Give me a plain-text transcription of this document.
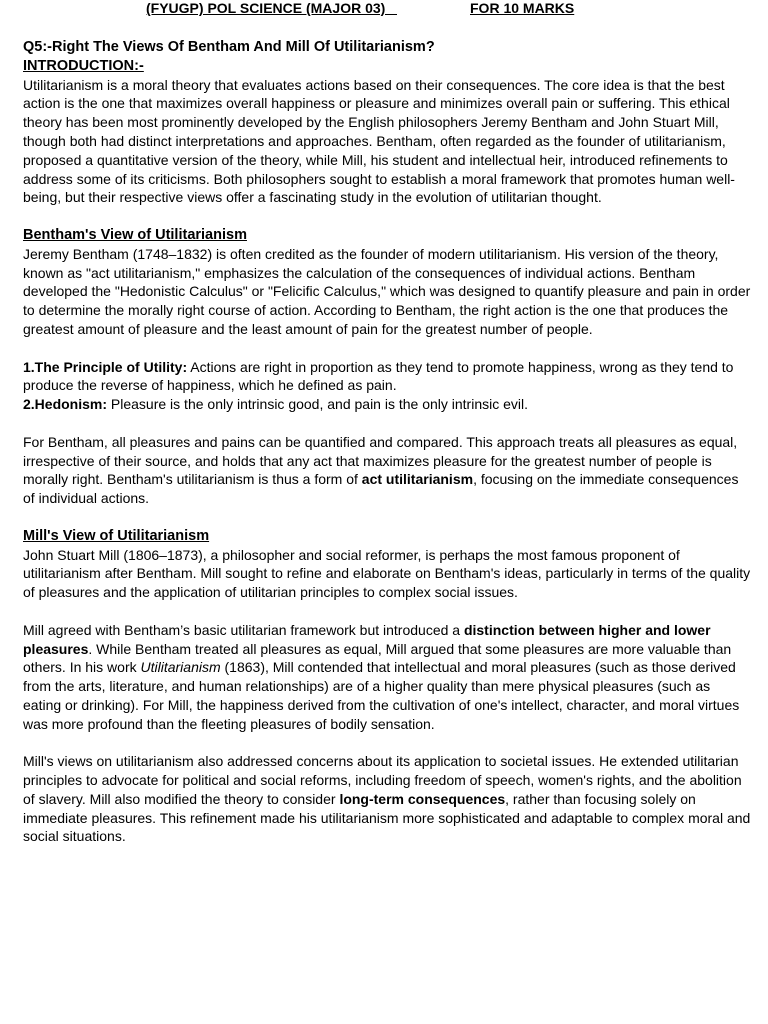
(FYUGP) POL SCIENCE (MAJOR 03)	FOR 10 MARKS

Q5:-Right The Views Of Bentham And Mill Of Utilitarianism?

INTRODUCTION:-

Utilitarianism is a moral theory that evaluates actions based on their consequences. The core idea is that the best action is the one that maximizes overall happiness or pleasure and minimizes overall pain or suffering. This ethical theory has been most prominently developed by the English philosophers Jeremy Bentham and John Stuart Mill, though both had distinct interpretations and approaches. Bentham, often regarded as the founder of utilitarianism, proposed a quantitative version of the theory, while Mill, his student and intellectual heir, introduced refinements to address some of its criticisms. Both philosophers sought to establish a moral framework that promotes human well-being, but their respective views offer a fascinating study in the evolution of utilitarian thought.

Bentham's View of Utilitarianism

Jeremy Bentham (1748–1832) is often credited as the founder of modern utilitarianism. His version of the theory, known as "act utilitarianism," emphasizes the calculation of the consequences of individual actions. Bentham developed the "Hedonistic Calculus" or "Felicific Calculus," which was designed to quantify pleasure and pain in order to determine the morally right course of action. According to Bentham, the right action is the one that produces the greatest amount of pleasure and the least amount of pain for the greatest number of people.

1.The Principle of Utility: Actions are right in proportion as they tend to promote happiness, wrong as they tend to produce the reverse of happiness, which he defined as pain.

2.Hedonism: Pleasure is the only intrinsic good, and pain is the only intrinsic evil.

For Bentham, all pleasures and pains can be quantified and compared. This approach treats all pleasures as equal, irrespective of their source, and holds that any act that maximizes pleasure for the greatest number of people is morally right. Bentham's utilitarianism is thus a form of act utilitarianism, focusing on the immediate consequences of individual actions.

Mill's View of Utilitarianism

John Stuart Mill (1806–1873), a philosopher and social reformer, is perhaps the most famous proponent of utilitarianism after Bentham. Mill sought to refine and elaborate on Bentham's ideas, particularly in terms of the quality of pleasures and the application of utilitarian principles to complex social issues.

Mill agreed with Bentham’s basic utilitarian framework but introduced a distinction between higher and lower pleasures. While Bentham treated all pleasures as equal, Mill argued that some pleasures are more valuable than others. In his work Utilitarianism (1863), Mill contended that intellectual and moral pleasures (such as those derived from the arts, literature, and human relationships) are of a higher quality than mere physical pleasures (such as eating or drinking). For Mill, the happiness derived from the cultivation of one's intellect, character, and moral virtues was more profound than the fleeting pleasures of bodily sensation.

Mill's views on utilitarianism also addressed concerns about its application to societal issues. He extended utilitarian principles to advocate for political and social reforms, including freedom of speech, women's rights, and the abolition of slavery. Mill also modified the theory to consider long-term consequences, rather than focusing solely on immediate pleasures. This refinement made his utilitarianism more sophisticated and adaptable to complex moral and social situations.
